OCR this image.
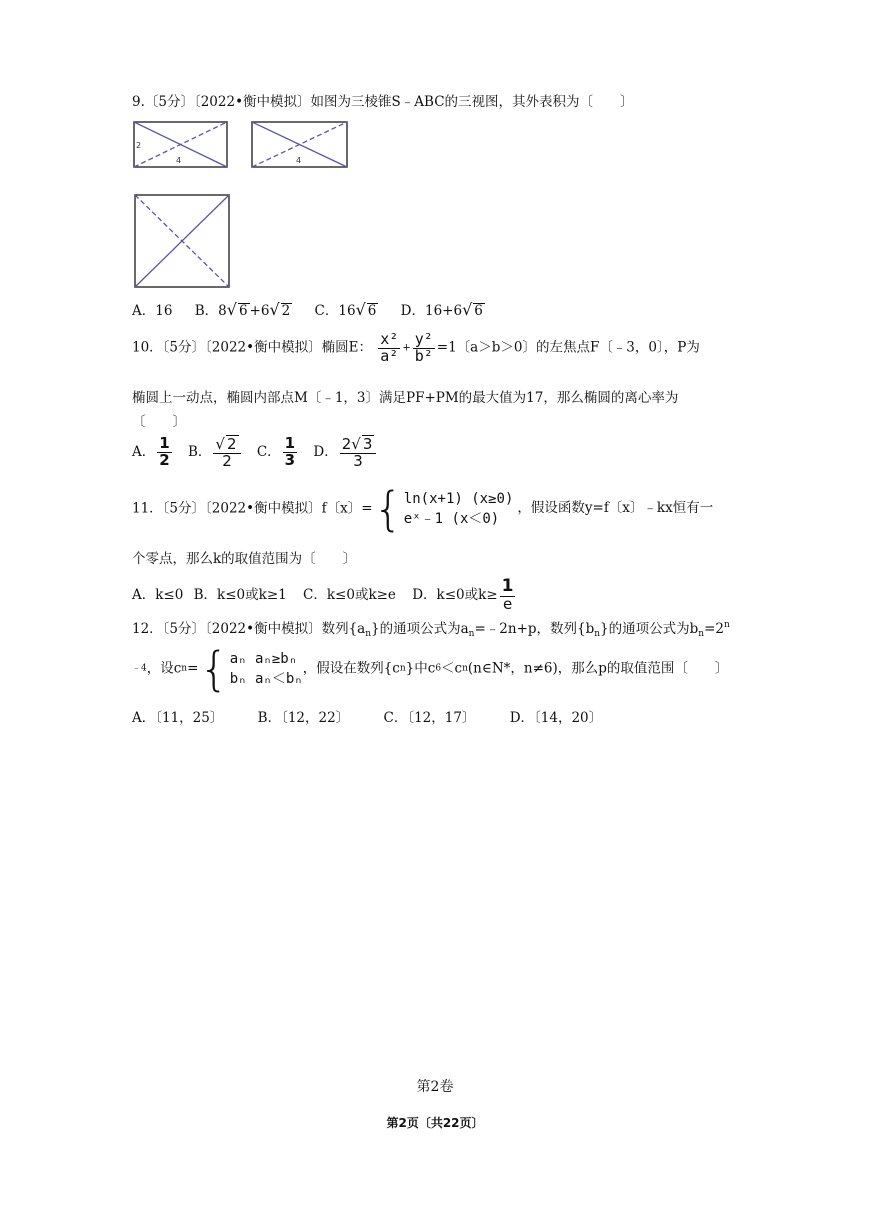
9.〔5分〕〔2022•衡中模拟〕如图为三棱锥S﹣ABC的三视图，其外表积为〔　　〕
2
4	4
A．16 B．8√ 6 +6√ 2 C．16√ 6 D．16+6√ 6
10．〔5分〕〔2022•衡中模拟〕椭圆E： $\frac{\text{x²}}{\text{a²}} + \frac{\text{y²}}{\text{b²}} =1$〔a＞b＞0〕的左焦点F〔﹣3，0〕，P为
椭圆上一动点，椭圆内部点M〔﹣1，3〕满足PF+PM的最大值为17，那么椭圆的离心率为
〔　　〕
A． $\frac{1}{2}$ B． $\frac{√ 2}{2}$ C． $\frac{1}{3}$ D． $\frac{2√ 3}{3}$
11．〔5分〕〔2022•衡中模拟〕f〔x〕={ ln(x+1) (x≥0)
eˣ﹣1 (x＜0)
，假设函数y=f〔x〕﹣kx恒有一
个零点，那么k的取值范围为〔　　〕
A．k≤0 B．k≤0或k≥1 C．k≤0或k≥e D．k≤0或$k\ge \frac{1}{e}$
12．〔5分〕〔2022•衡中模拟〕数列$\{a_n\}$的通项公式为$a_n=﹣2n+p$，数列$\{b_n\}$的通项公式为$b_n=2^n$
﹣4，设cn={ aₙ aₙ≥bₙ
bₙ aₙ＜bₙ
，假设在数列{cn}中c6＜cn(n∈N*，n≠6)，那么p的取值范围〔　　〕
A．〔11，25〕	B．〔12，22〕	C．〔12，17〕	D．〔14，20〕
第2卷
第2页〔共22页〕
